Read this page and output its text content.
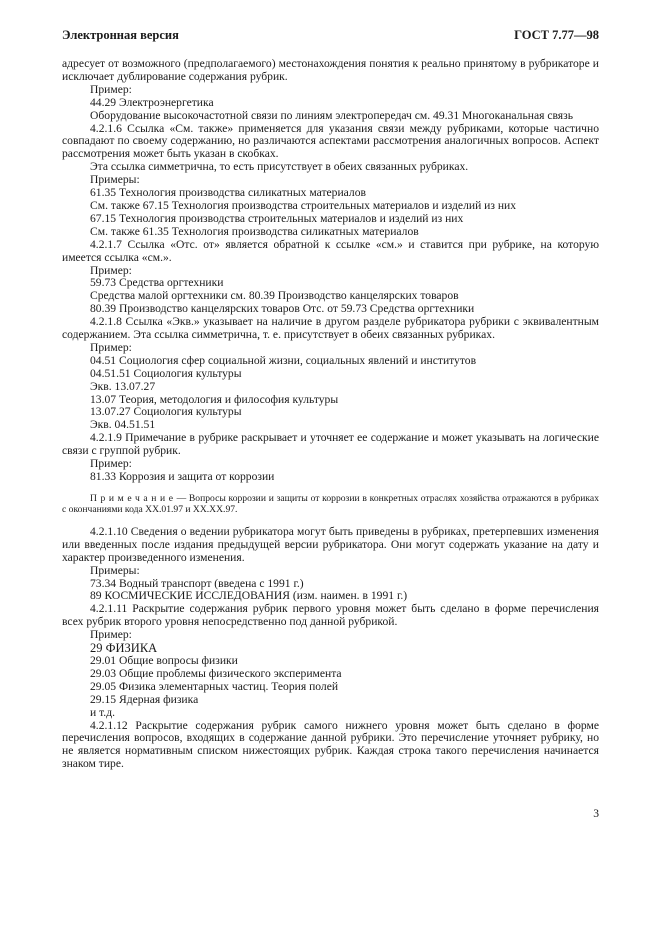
Электронная версия	ГОСТ 7.77—98

адресует от возможного (предполагаемого) местонахождения понятия к реально принятому в рубрикаторе и исключает дублирование содержания рубрик.

Пример:

44.29 Электроэнергетика

Оборудование высокочастотной связи по линиям электропередач см. 49.31 Многоканальная связь

4.2.1.6 Ссылка «См. также» применяется для указания связи между рубриками, которые частично совпадают по своему содержанию, но различаются аспектами рассмотрения аналогичных вопросов. Аспект рассмотрения может быть указан в скобках.

Эта ссылка симметрична, то есть присутствует в обеих связанных рубриках.

Примеры:

61.35 Технология производства силикатных материалов

См. также 67.15 Технология производства строительных материалов и изделий из них

67.15 Технология производства строительных материалов и изделий из них

См. также 61.35 Технология производства силикатных материалов

4.2.1.7 Ссылка «Отс. от» является обратной к ссылке «см.» и ставится при рубрике, на которую имеется ссылка «см.».

Пример:

59.73 Средства оргтехники

Средства малой оргтехники см. 80.39 Производство канцелярских товаров

80.39 Производство канцелярских товаров Отс. от 59.73 Средства оргтехники

4.2.1.8 Ссылка «Экв.» указывает на наличие в другом разделе рубрикатора рубрики с эквивалентным содержанием. Эта ссылка симметрична, т. е. присутствует в обеих связанных рубриках.

Пример:

04.51 Социология сфер социальной жизни, социальных явлений и институтов

04.51.51 Социология культуры

Экв. 13.07.27

13.07 Теория, методология и философия культуры

13.07.27 Социология культуры

Экв. 04.51.51

4.2.1.9 Примечание в рубрике раскрывает и уточняет ее содержание и может указывать на логические связи с группой рубрик.

Пример:

81.33 Коррозия и защита от коррозии

Примечание— Вопросы коррозии и защиты от коррозии в конкретных отраслях хозяйства отражаются в рубриках с окончаниями кода XX.01.97 и XX.XX.97.

4.2.1.10 Сведения о ведении рубрикатора могут быть приведены в рубриках, претерпевших изменения или введенных после издания предыдущей версии рубрикатора. Они могут содержать указание на дату и характер произведенного изменения.

Примеры:

73.34 Водный транспорт (введена с 1991 г.)

89 КОСМИЧЕСКИЕ ИССЛЕДОВАНИЯ (изм. наимен. в 1991 г.)

4.2.1.11 Раскрытие содержания рубрик первого уровня может быть сделано в форме перечисления всех рубрик второго уровня непосредственно под данной рубрикой.

Пример:

29 ФИЗИКА

29.01 Общие вопросы физики

29.03 Общие проблемы физического эксперимента

29.05 Физика элементарных частиц. Теория полей

29.15 Ядерная физика

и т.д.

4.2.1.12 Раскрытие содержания рубрик самого нижнего уровня может быть сделано в форме перечисления вопросов, входящих в содержание данной рубрики. Это перечисление уточняет рубрику, но не является нормативным списком нижестоящих рубрик. Каждая строка такого перечисления начинается знаком тире.

3
